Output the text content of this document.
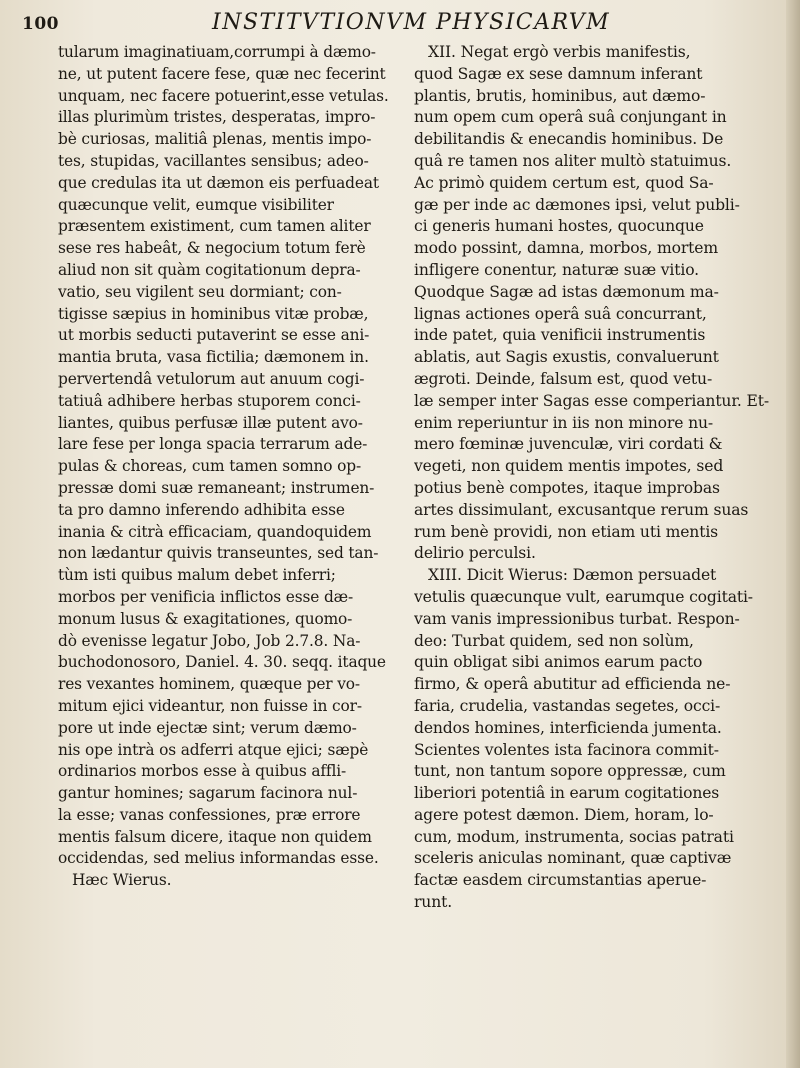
100	INSTITVTIONVM PHYSICARVM
tularum imaginatiuam,corrumpi à dæmo-
ne, ut putent facere fese, quæ nec fecerint
unquam, nec facere potuerint,esse vetulas.
illas plurimùm tristes, desperatas, impro-
bè curiosas, malitiâ plenas, mentis impo-
tes, stupidas, vacillantes sensibus; adeo-
que credulas ita ut dæmon eis perfuadeat
quæcunque velit, eumque visibiliter
præsentem existiment, cum tamen aliter
sese res habeât, & negocium totum ferè
aliud non sit quàm cogitationum depra-
vatio, seu vigilent seu dormiant; con-
tigisse sæpius in hominibus vitæ probæ,
ut morbis seducti putaverint se esse ani-
mantia bruta, vasa fictilia; dæmonem in.
pervertendâ vetulorum aut anuum cogi-
tatiuâ adhibere herbas stuporem conci-
liantes, quibus perfusæ illæ putent avo-
lare fese per longa spacia terrarum ade-
pulas & choreas, cum tamen somno op-
pressæ domi suæ remaneant; instrumen-
ta pro damno inferendo adhibita esse
inania & citrà efficaciam, quandoquidem
non lædantur quivis transeuntes, sed tan-
tùm isti quibus malum debet inferri;
morbos per venificia inflictos esse dæ-
monum lusus & exagitationes, quomo-
dò evenisse legatur Jobo, Job 2.7.8. Na-
buchodonosoro, Daniel. 4. 30. seqq. itaque
res vexantes hominem, quæque per vo-
mitum ejici videantur, non fuisse in cor-
pore ut inde ejectæ sint; verum dæmo-
nis ope intrà os adferri atque ejici; sæpè
ordinarios morbos esse à quibus affli-
gantur homines; sagarum facinora nul-
la esse; vanas confessiones, præ errore
mentis falsum dicere, itaque non quidem
occidendas, sed melius informandas esse.
Hæc Wierus.
XII. Negat ergò verbis manifestis,
quod Sagæ ex sese damnum inferant
plantis, brutis, hominibus, aut dæmo-
num opem cum operâ suâ conjungant in
debilitandis & enecandis hominibus. De
quâ re tamen nos aliter multò statuimus.
Ac primò quidem certum est, quod Sa-
gæ per inde ac dæmones ipsi, velut publi-
ci generis humani hostes, quocunque
modo possint, damna, morbos, mortem
infligere conentur, naturæ suæ vitio.
Quodque Sagæ ad istas dæmonum ma-
lignas actiones operâ suâ concurrant,
inde patet, quia venificii instrumentis
ablatis, aut Sagis exustis, convaluerunt
ægroti. Deinde, falsum est, quod vetu-
læ semper inter Sagas esse comperiantur. Et-
enim reperiuntur in iis non minore nu-
mero fœminæ juvenculæ, viri cordati &
vegeti, non quidem mentis impotes, sed
potius benè compotes, itaque improbas
artes dissimulant, excusantque rerum suas
rum benè providi, non etiam uti mentis
delirio perculsi.
XIII. Dicit Wierus: Dæmon persuadet
vetulis quæcunque vult, earumque cogitati-
vam vanis impressionibus turbat. Respon-
deo: Turbat quidem, sed non solùm,
quin obligat sibi animos earum pacto
firmo, & operâ abutitur ad efficienda ne-
faria, crudelia, vastandas segetes, occi-
dendos homines, interficienda jumenta.
Scientes volentes ista facinora commit-
tunt, non tantum sopore oppressæ, cum
liberiori potentiâ in earum cogitationes
agere potest dæmon. Diem, horam, lo-
cum, modum, instrumenta, socias patrati
sceleris aniculas nominant, quæ captivæ
factæ easdem circumstantias aperue-
runt.
